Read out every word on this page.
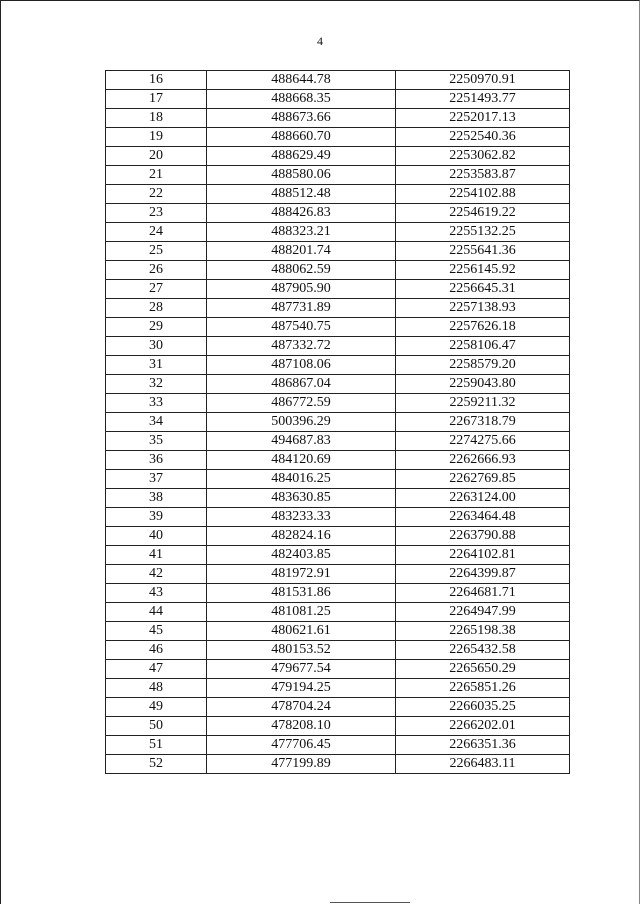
4
16	488644.78	2250970.91
17	488668.35	2251493.77
18	488673.66	2252017.13
19	488660.70	2252540.36
20	488629.49	2253062.82
21	488580.06	2253583.87
22	488512.48	2254102.88
23	488426.83	2254619.22
24	488323.21	2255132.25
25	488201.74	2255641.36
26	488062.59	2256145.92
27	487905.90	2256645.31
28	487731.89	2257138.93
29	487540.75	2257626.18
30	487332.72	2258106.47
31	487108.06	2258579.20
32	486867.04	2259043.80
33	486772.59	2259211.32
34	500396.29	2267318.79
35	494687.83	2274275.66
36	484120.69	2262666.93
37	484016.25	2262769.85
38	483630.85	2263124.00
39	483233.33	2263464.48
40	482824.16	2263790.88
41	482403.85	2264102.81
42	481972.91	2264399.87
43	481531.86	2264681.71
44	481081.25	2264947.99
45	480621.61	2265198.38
46	480153.52	2265432.58
47	479677.54	2265650.29
48	479194.25	2265851.26
49	478704.24	2266035.25
50	478208.10	2266202.01
51	477706.45	2266351.36
52	477199.89	2266483.11
